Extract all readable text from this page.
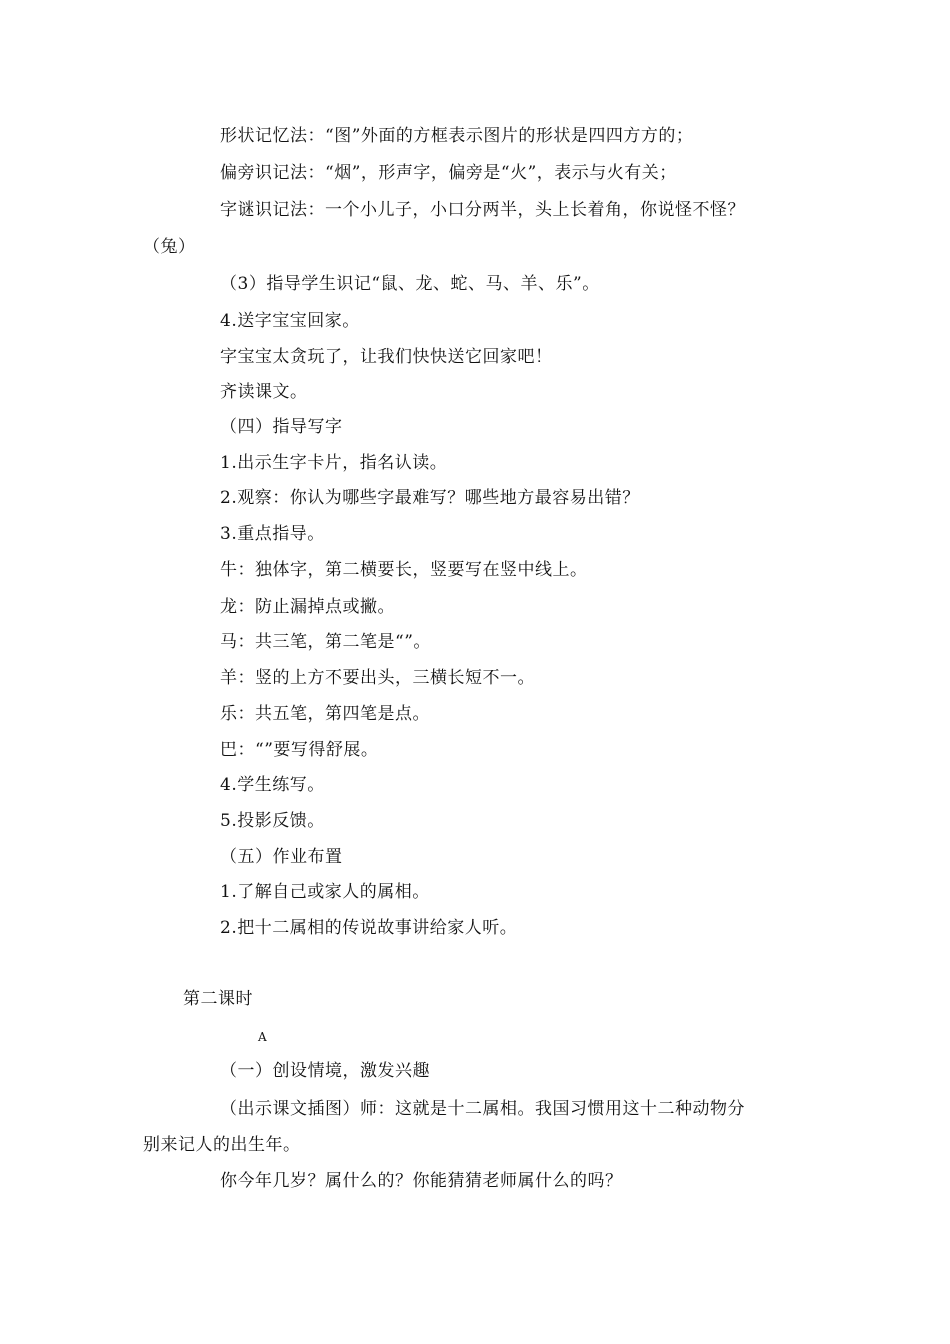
形状记忆法：“图”外面的方框表示图片的形状是四四方方的；
偏旁识记法：“烟”，形声字，偏旁是“火”，表示与火有关；
字谜识记法：一个小儿子，小口分两半，头上长着角，你说怪不怪？
（兔）
（3）指导学生识记“鼠、龙、蛇、马、羊、乐”。
4.送字宝宝回家。
字宝宝太贪玩了，让我们快快送它回家吧！
齐读课文。
（四）指导写字
1.出示生字卡片，指名认读。
2.观察：你认为哪些字最难写？哪些地方最容易出错？
3.重点指导。
牛：独体字，第二横要长，竖要写在竖中线上。
龙：防止漏掉点或撇。
马：共三笔，第二笔是“”。
羊：竖的上方不要出头，三横长短不一。
乐：共五笔，第四笔是点。
巴：“”要写得舒展。
4.学生练写。
5.投影反馈。
（五）作业布置
1.了解自己或家人的属相。
2.把十二属相的传说故事讲给家人听。
第二课时
A
（一）创设情境，激发兴趣
（出示课文插图）师：这就是十二属相。我国习惯用这十二种动物分
别来记人的出生年。
你今年几岁？属什么的？你能猜猜老师属什么的吗？
